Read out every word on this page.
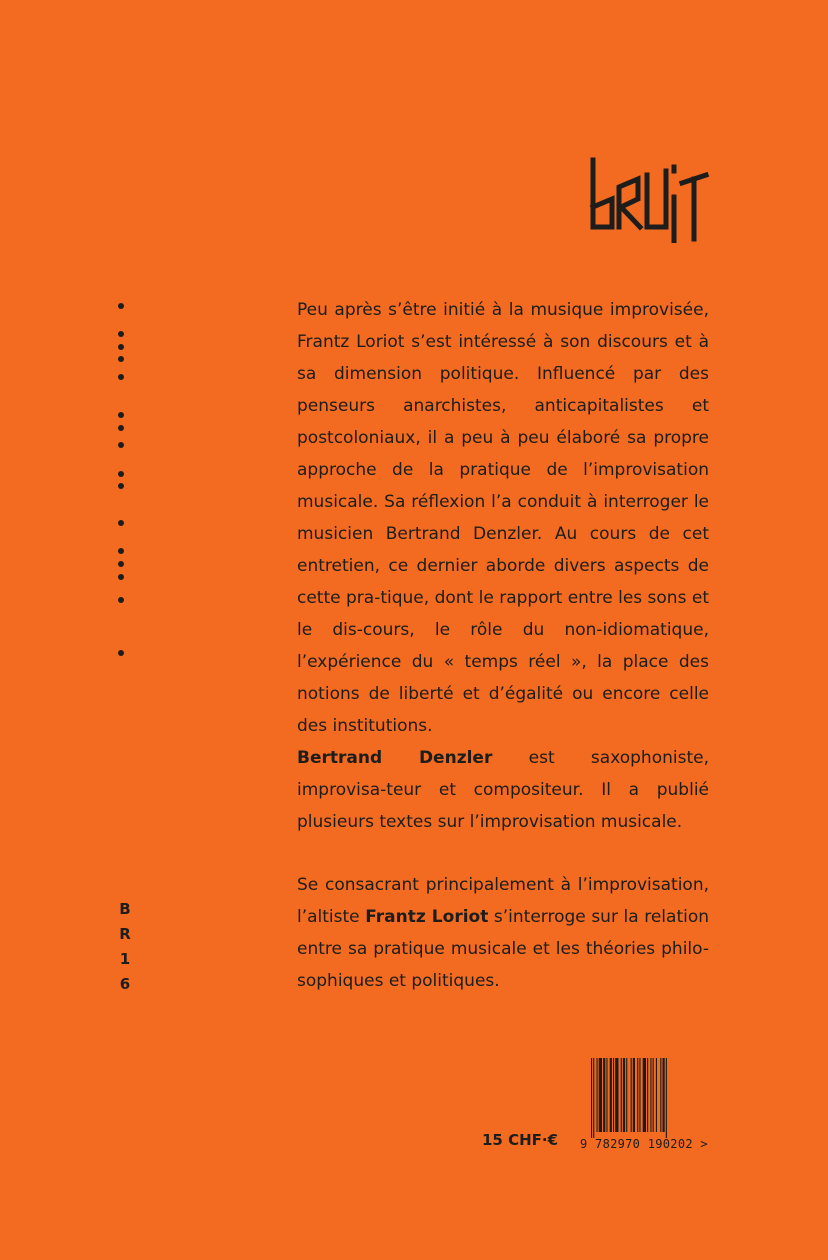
B
R
1
6
Peu après s’être initié à la musique improvisée, Frantz Loriot s’est intéressé à son discours et à sa dimension politique. Influencé par des penseurs anarchistes, anticapitalistes et postcoloniaux, il a peu à peu élaboré sa propre approche de la pratique de l’improvisation musicale. Sa réflexion l’a conduit à interroger le musicien Bertrand Denzler. Au cours de cet entretien, ce dernier aborde divers aspects de cette pra-tique, dont le rapport entre les sons et le dis-cours, le rôle du non-idiomatique, l’expérience du « temps réel », la place des notions de liberté et d’égalité ou encore celle des institutions.
Bertrand Denzler est saxophoniste, improvisa-teur et compositeur. Il a publié plusieurs textes sur l’improvisation musicale.
Se consacrant principalement à l’improvisation, l’altiste Frantz Loriot s’interroge sur la relation entre sa pratique musicale et les théories philo-sophiques et politiques.
15 CHF·€ 9 782970 190202 >
